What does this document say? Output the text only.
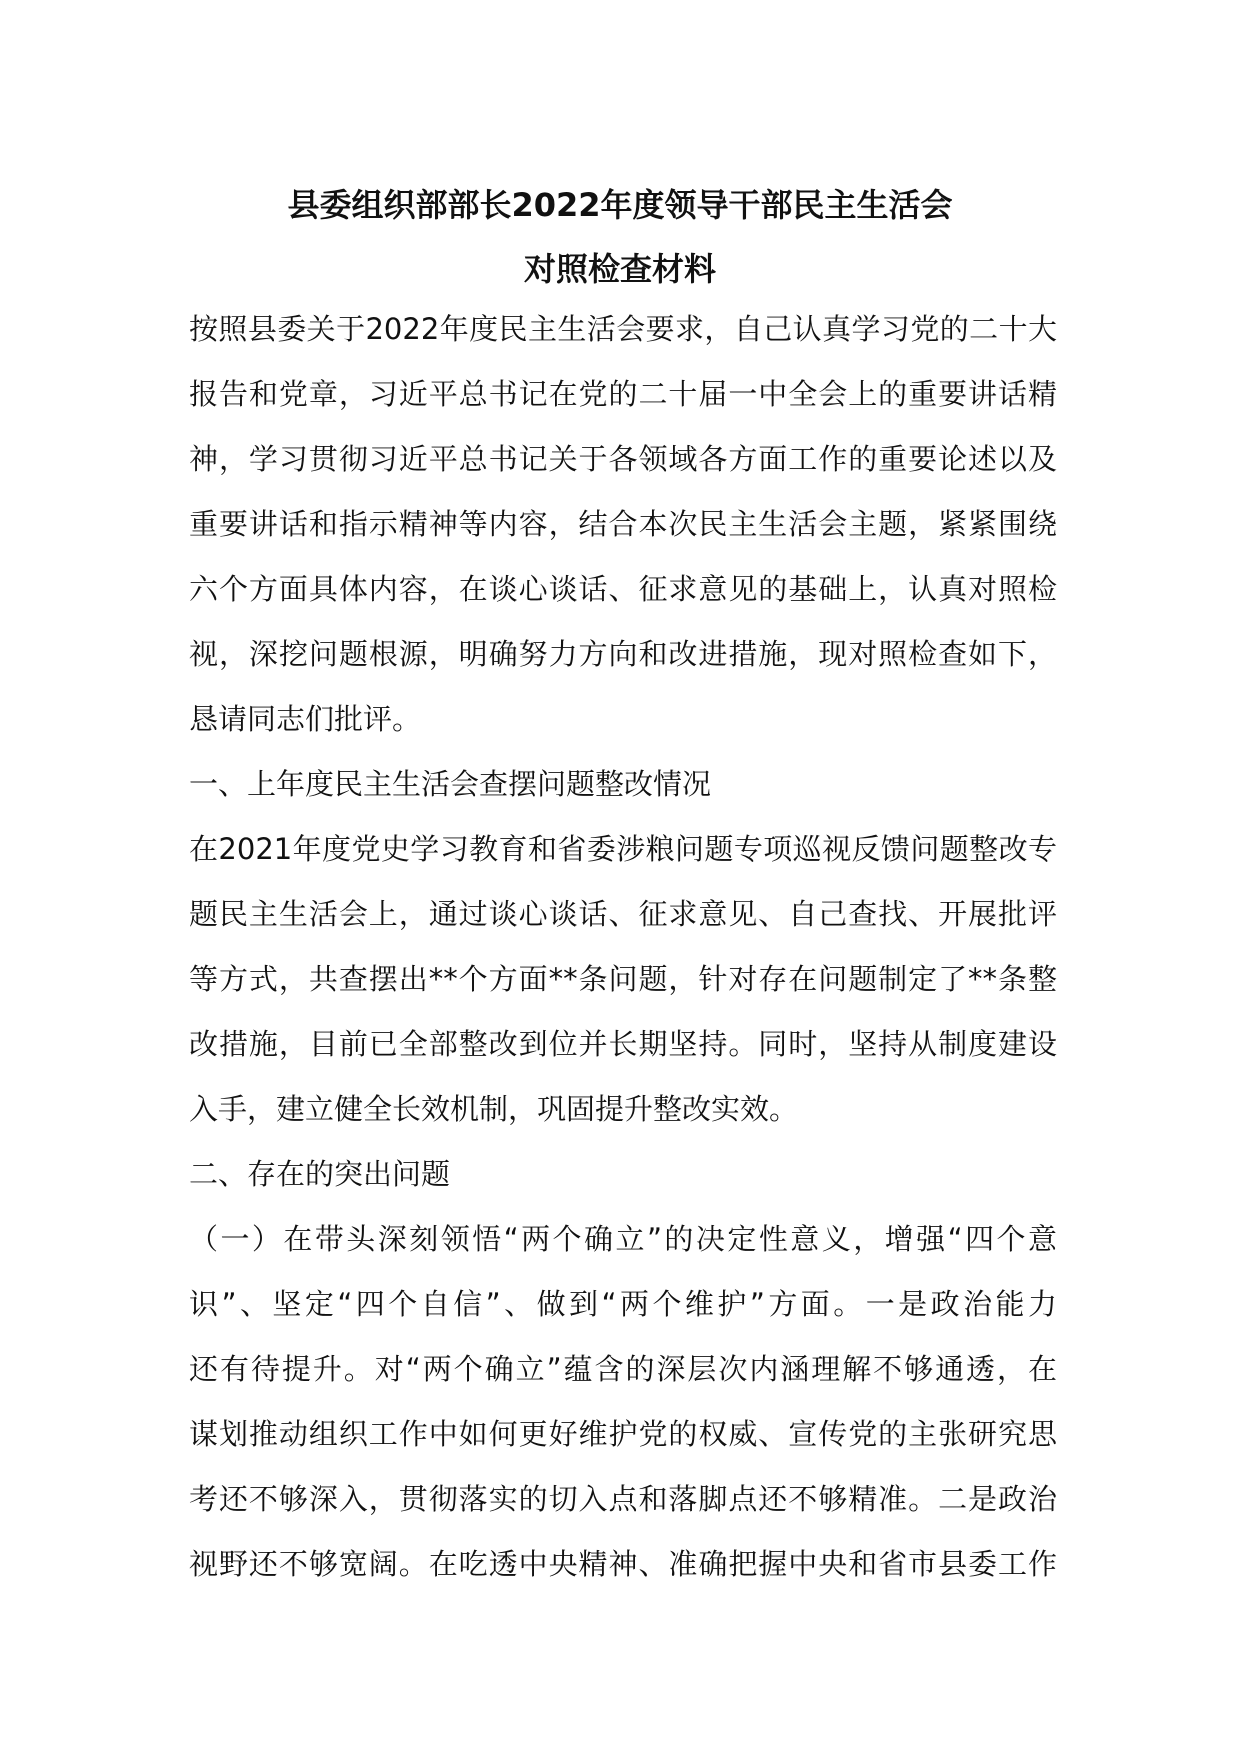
县委组织部部长2022年度领导干部民主生活会
对照检查材料
按照县委关于2022年度民主生活会要求，自己认真学习党的二十大
报告和党章，习近平总书记在党的二十届一中全会上的重要讲话精
神，学习贯彻习近平总书记关于各领域各方面工作的重要论述以及
重要讲话和指示精神等内容，结合本次民主生活会主题，紧紧围绕
六个方面具体内容，在谈心谈话、征求意见的基础上，认真对照检
视，深挖问题根源，明确努力方向和改进措施，现对照检查如下，
恳请同志们批评。
一、上年度民主生活会查摆问题整改情况
在2021年度党史学习教育和省委涉粮问题专项巡视反馈问题整改专
题民主生活会上，通过谈心谈话、征求意见、自己查找、开展批评
等方式，共查摆出**个方面**条问题，针对存在问题制定了**条整
改措施，目前已全部整改到位并长期坚持。同时，坚持从制度建设
入手，建立健全长效机制，巩固提升整改实效。
二、存在的突出问题
（一）在带头深刻领悟“两个确立”的决定性意义，增强“四个意
识”、坚定“四个自信”、做到“两个维护”方面。一是政治能力
还有待提升。对“两个确立”蕴含的深层次内涵理解不够通透，在
谋划推动组织工作中如何更好维护党的权威、宣传党的主张研究思
考还不够深入，贯彻落实的切入点和落脚点还不够精准。二是政治
视野还不够宽阔。在吃透中央精神、准确把握中央和省市县委工作
